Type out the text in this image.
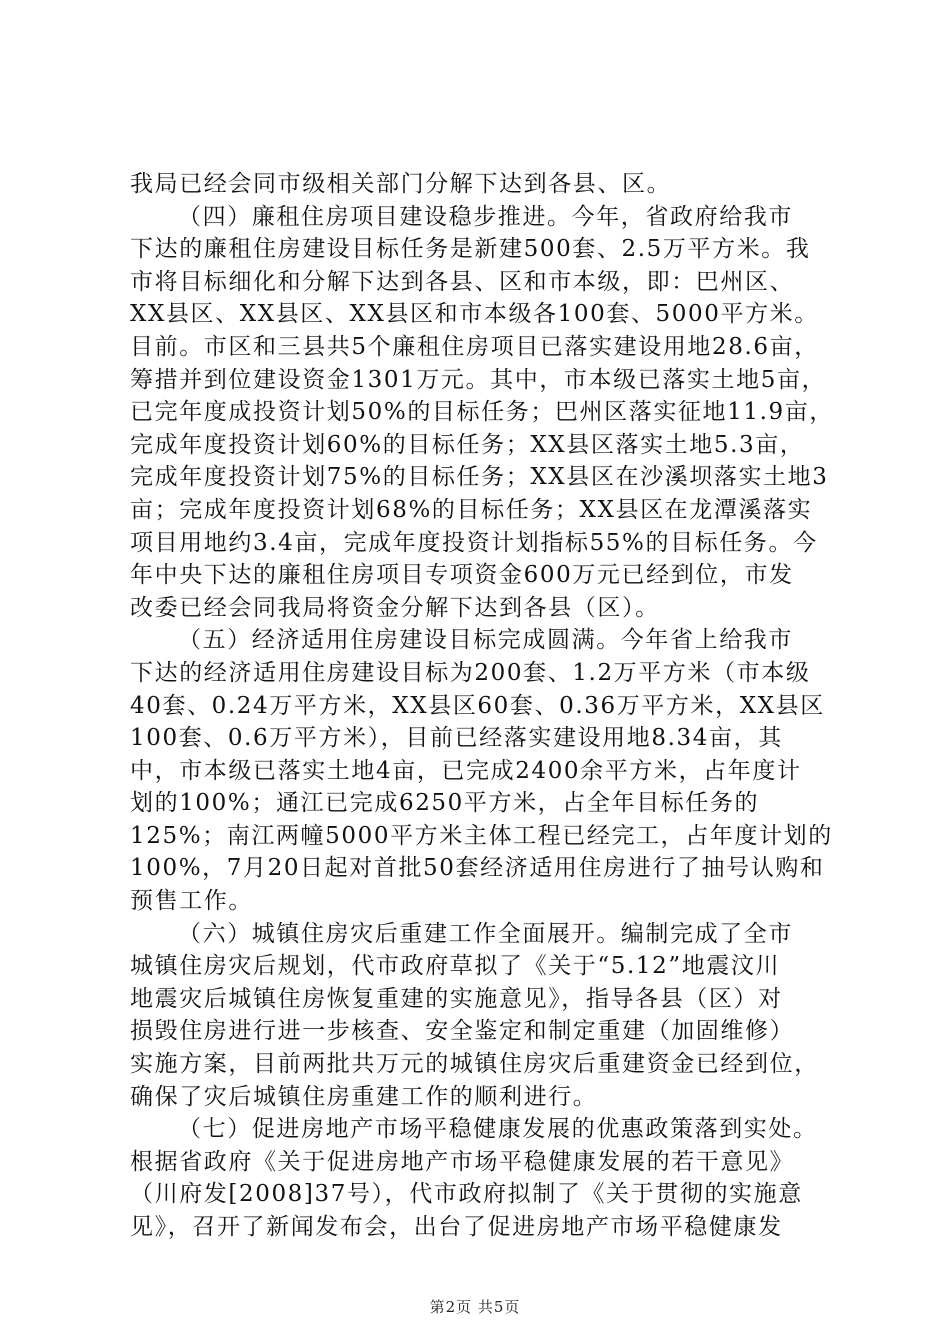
我局已经会同市级相关部门分解下达到各县、区。
（四）廉租住房项目建设稳步推进。今年，省政府给我市
下达的廉租住房建设目标任务是新建500套、2.5万平方米。我
市将目标细化和分解下达到各县、区和市本级，即：巴州区、
XX县区、XX县区、XX县区和市本级各100套、5000平方米。
目前。市区和三县共5个廉租住房项目已落实建设用地28.6亩，
筹措并到位建设资金1301万元。其中，市本级已落实土地5亩，
已完年度成投资计划50%的目标任务；巴州区落实征地11.9亩，
完成年度投资计划60%的目标任务；XX县区落实土地5.3亩，
完成年度投资计划75%的目标任务；XX县区在沙溪坝落实土地3
亩；完成年度投资计划68%的目标任务；XX县区在龙潭溪落实
项目用地约3.4亩，完成年度投资计划指标55%的目标任务。今
年中央下达的廉租住房项目专项资金600万元已经到位，市发
改委已经会同我局将资金分解下达到各县（区）。
（五）经济适用住房建设目标完成圆满。今年省上给我市
下达的经济适用住房建设目标为200套、1.2万平方米（市本级
40套、0.24万平方米，XX县区60套、0.36万平方米，XX县区
100套、0.6万平方米），目前已经落实建设用地8.34亩，其
中，市本级已落实土地4亩，已完成2400余平方米，占年度计
划的100%；通江已完成6250平方米，占全年目标任务的
125%；南江两幢5000平方米主体工程已经完工，占年度计划的
100%，7月20日起对首批50套经济适用住房进行了抽号认购和
预售工作。
（六）城镇住房灾后重建工作全面展开。编制完成了全市
城镇住房灾后规划，代市政府草拟了《关于“5.12”地震汶川
地震灾后城镇住房恢复重建的实施意见》，指导各县（区）对
损毁住房进行进一步核查、安全鉴定和制定重建（加固维修）
实施方案，目前两批共万元的城镇住房灾后重建资金已经到位，
确保了灾后城镇住房重建工作的顺利进行。
（七）促进房地产市场平稳健康发展的优惠政策落到实处。
根据省政府《关于促进房地产市场平稳健康发展的若干意见》
（川府发[2008]37号），代市政府拟制了《关于贯彻的实施意
见》，召开了新闻发布会，出台了促进房地产市场平稳健康发
第2页 共5页
